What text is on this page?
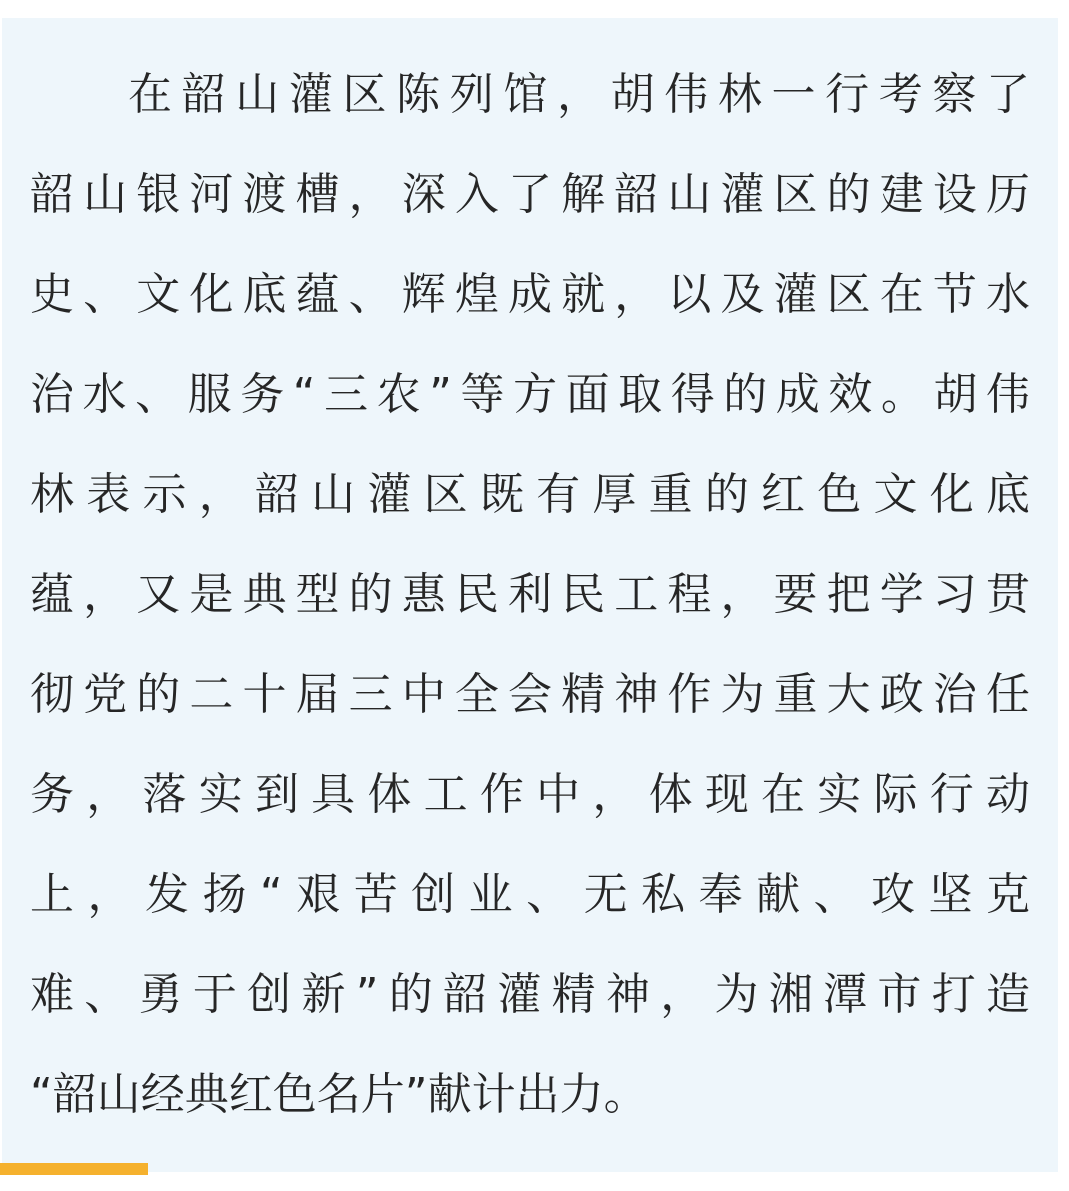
在韶山灌区陈列馆，胡伟林一行考察了
韶山银河渡槽，深入了解韶山灌区的建设历
史、文化底蕴、辉煌成就，以及灌区在节水
治水、服务“三农”等方面取得的成效。胡伟
林表示，韶山灌区既有厚重的红色文化底
蕴，又是典型的惠民利民工程，要把学习贯
彻党的二十届三中全会精神作为重大政治任
务，落实到具体工作中，体现在实际行动
上，发扬“艰苦创业、无私奉献、攻坚克
难、勇于创新”的韶灌精神，为湘潭市打造
“韶山经典红色名片”献计出力。
